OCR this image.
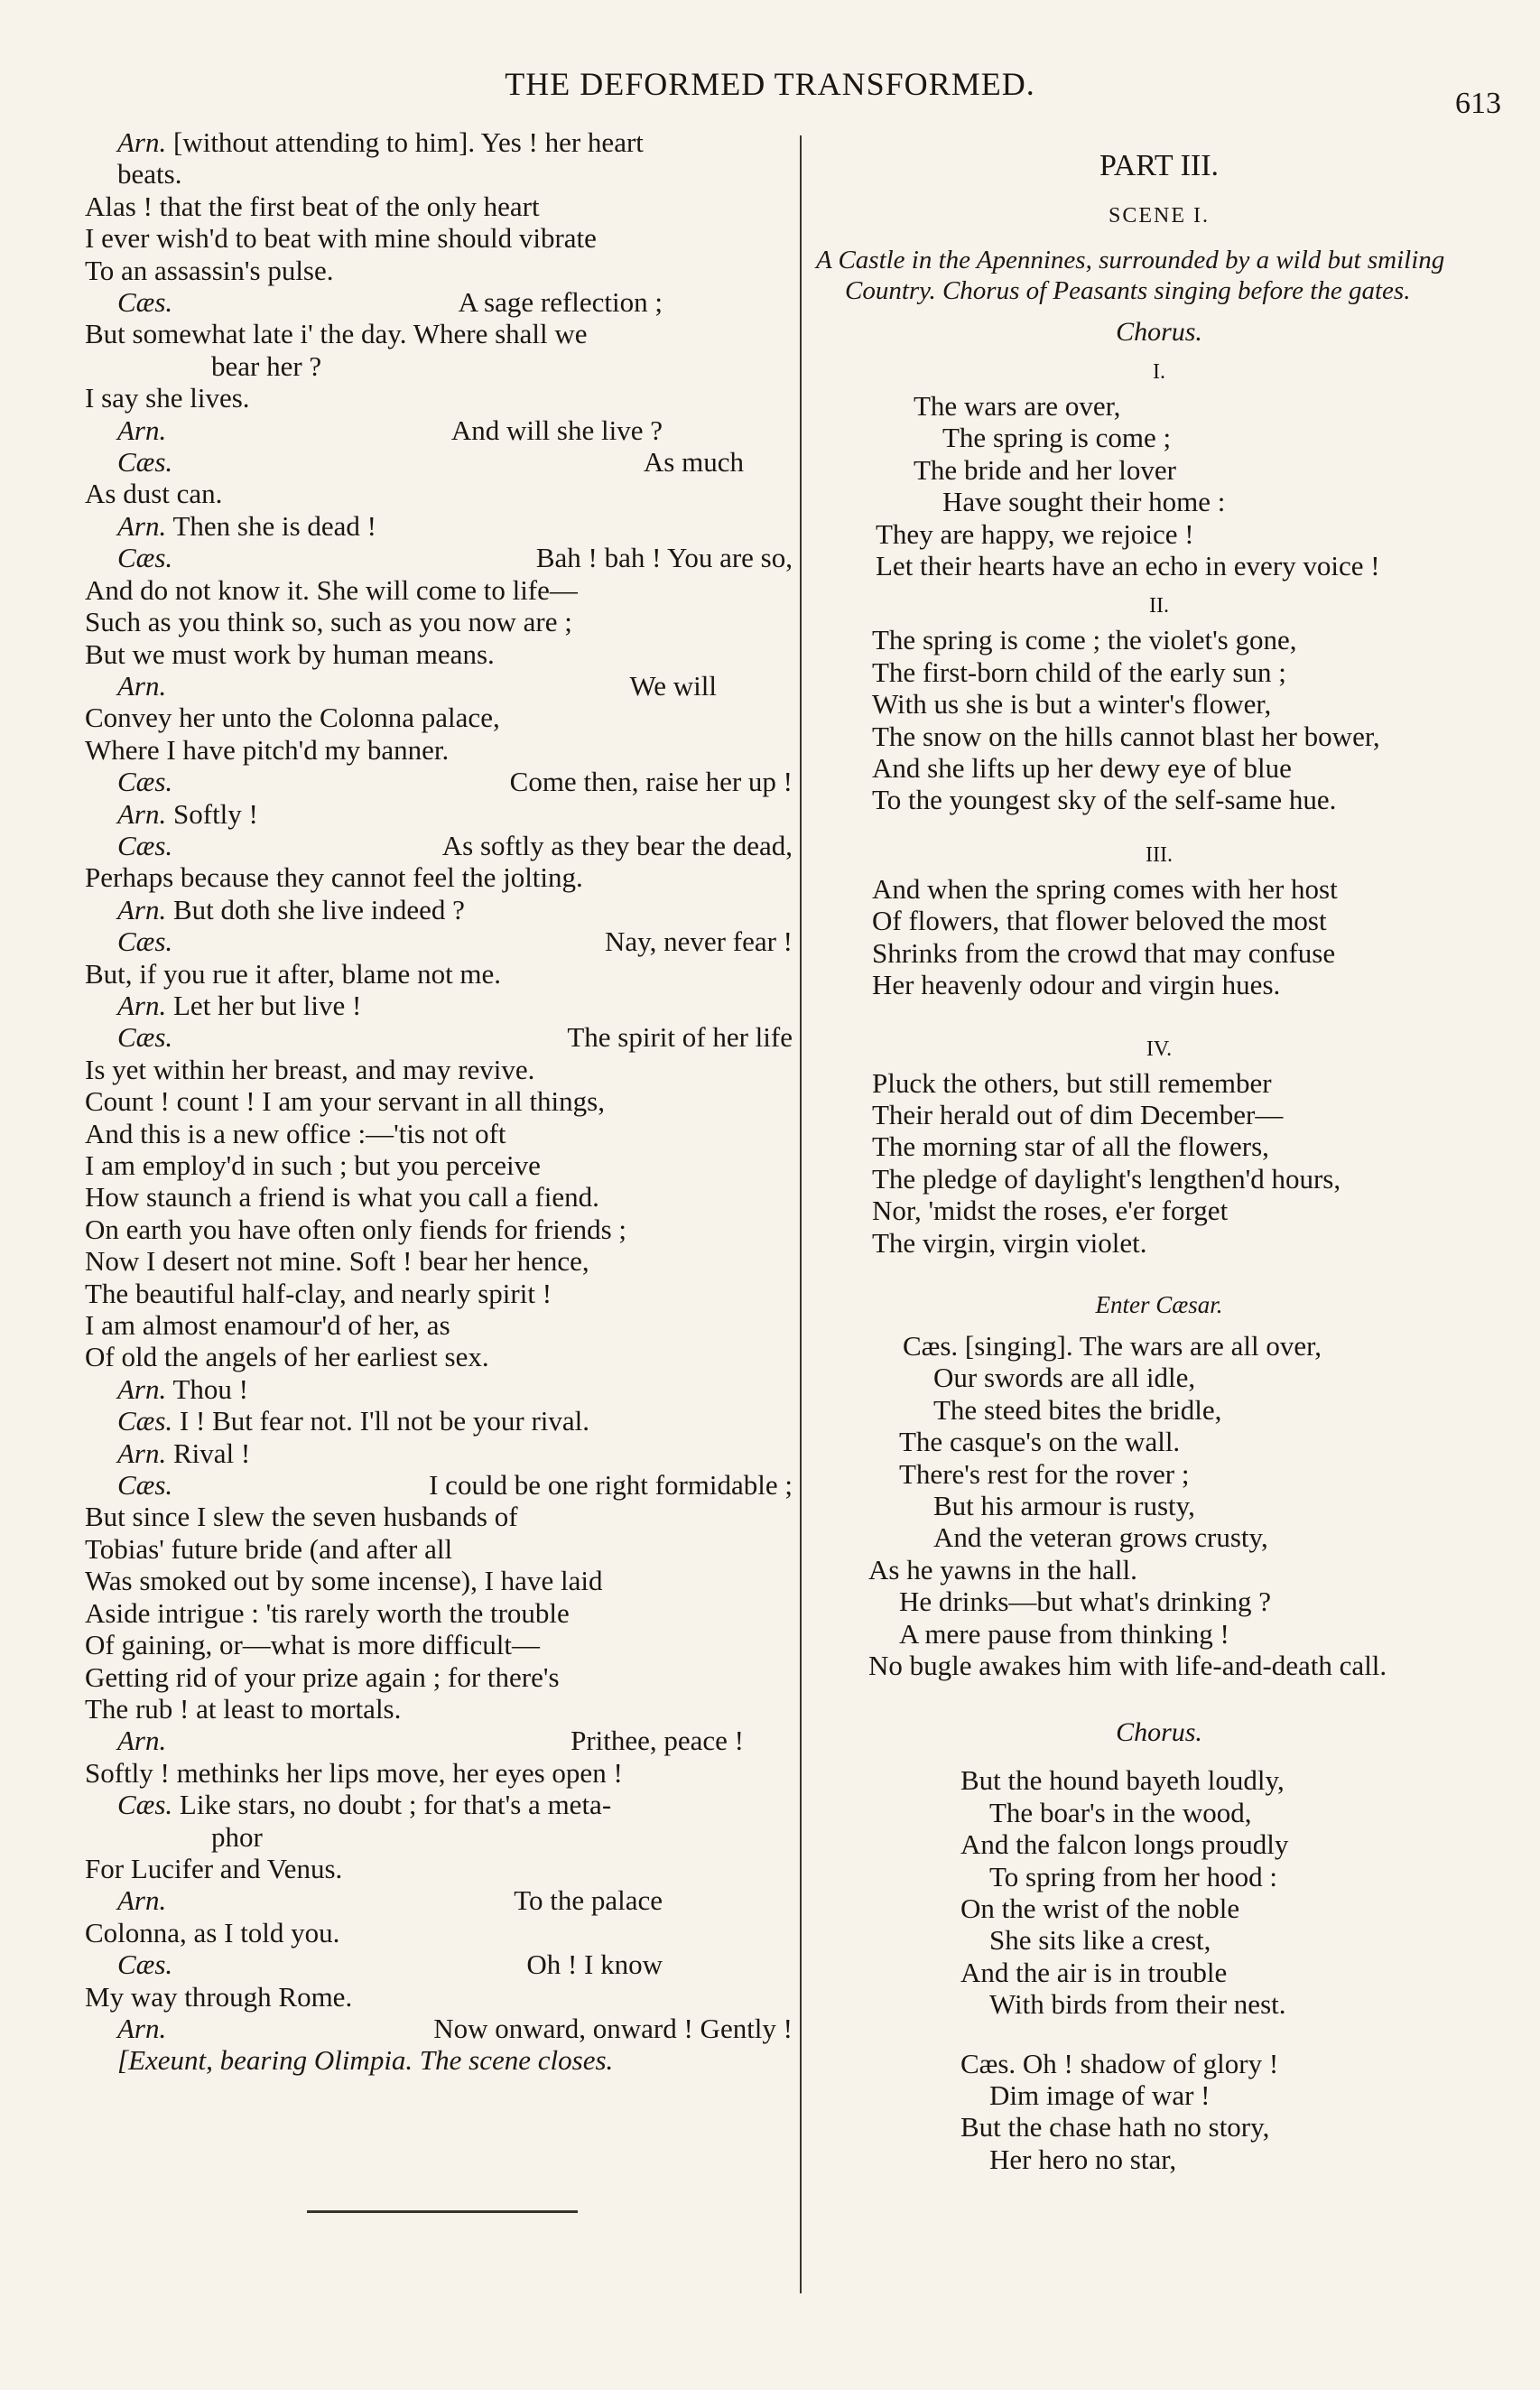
THE DEFORMED TRANSFORMED.
613
Arn. [without attending to him]. Yes ! her heart
beats.
Alas ! that the first beat of the only heart
I ever wish'd to beat with mine should vibrate
To an assassin's pulse.
Cæs.	A sage reflection ;
But somewhat late i' the day. Where shall we
bear her ?
I say she lives.
Arn.	And will she live ?
Cæs.	As much
As dust can.
Arn. Then she is dead !
Cæs.	Bah ! bah ! You are so,
And do not know it. She will come to life—
Such as you think so, such as you now are ;
But we must work by human means.
Arn.	We will
Convey her unto the Colonna palace,
Where I have pitch'd my banner.
Cæs.	Come then, raise her up !
Arn. Softly !
Cæs.	As softly as they bear the dead,
Perhaps because they cannot feel the jolting.
Arn. But doth she live indeed ?
Cæs.	Nay, never fear !
But, if you rue it after, blame not me.
Arn. Let her but live !
Cæs.	The spirit of her life
Is yet within her breast, and may revive.
Count ! count ! I am your servant in all things,
And this is a new office :—'tis not oft
I am employ'd in such ; but you perceive
How staunch a friend is what you call a fiend.
On earth you have often only fiends for friends ;
Now I desert not mine. Soft ! bear her hence,
The beautiful half-clay, and nearly spirit !
I am almost enamour'd of her, as
Of old the angels of her earliest sex.
Arn. Thou !
Cæs. I ! But fear not. I'll not be your rival.
Arn. Rival !
Cæs.	I could be one right formidable ;
But since I slew the seven husbands of
Tobias' future bride (and after all
Was smoked out by some incense), I have laid
Aside intrigue : 'tis rarely worth the trouble
Of gaining, or—what is more difficult—
Getting rid of your prize again ; for there's
The rub ! at least to mortals.
Arn.	Prithee, peace !
Softly ! methinks her lips move, her eyes open !
Cæs. Like stars, no doubt ; for that's a meta-
phor
For Lucifer and Venus.
Arn.	To the palace
Colonna, as I told you.
Cæs.	Oh ! I know
My way through Rome.
Arn.	Now onward, onward ! Gently !
[Exeunt, bearing Olimpia. The scene closes.
PART III.
SCENE I.
A Castle in the Apennines, surrounded by a wild but smiling Country. Chorus of Peasants singing before the gates.
Chorus.
I.
The wars are over,
The spring is come ;
The bride and her lover
Have sought their home :
They are happy, we rejoice !
Let their hearts have an echo in every voice !
II.
The spring is come ; the violet's gone,
The first-born child of the early sun ;
With us she is but a winter's flower,
The snow on the hills cannot blast her bower,
And she lifts up her dewy eye of blue
To the youngest sky of the self-same hue.
III.
And when the spring comes with her host
Of flowers, that flower beloved the most
Shrinks from the crowd that may confuse
Her heavenly odour and virgin hues.
IV.
Pluck the others, but still remember
Their herald out of dim December—
The morning star of all the flowers,
The pledge of daylight's lengthen'd hours,
Nor, 'midst the roses, e'er forget
The virgin, virgin violet.
Enter Cæsar.
Cæs. [singing]. The wars are all over,
Our swords are all idle,
The steed bites the bridle,
The casque's on the wall.
There's rest for the rover ;
But his armour is rusty,
And the veteran grows crusty,
As he yawns in the hall.
He drinks—but what's drinking ?
A mere pause from thinking !
No bugle awakes him with life-and-death call.
Chorus.
But the hound bayeth loudly,
The boar's in the wood,
And the falcon longs proudly
To spring from her hood :
On the wrist of the noble
She sits like a crest,
And the air is in trouble
With birds from their nest.
Cæs. Oh ! shadow of glory !
Dim image of war !
But the chase hath no story,
Her hero no star,
